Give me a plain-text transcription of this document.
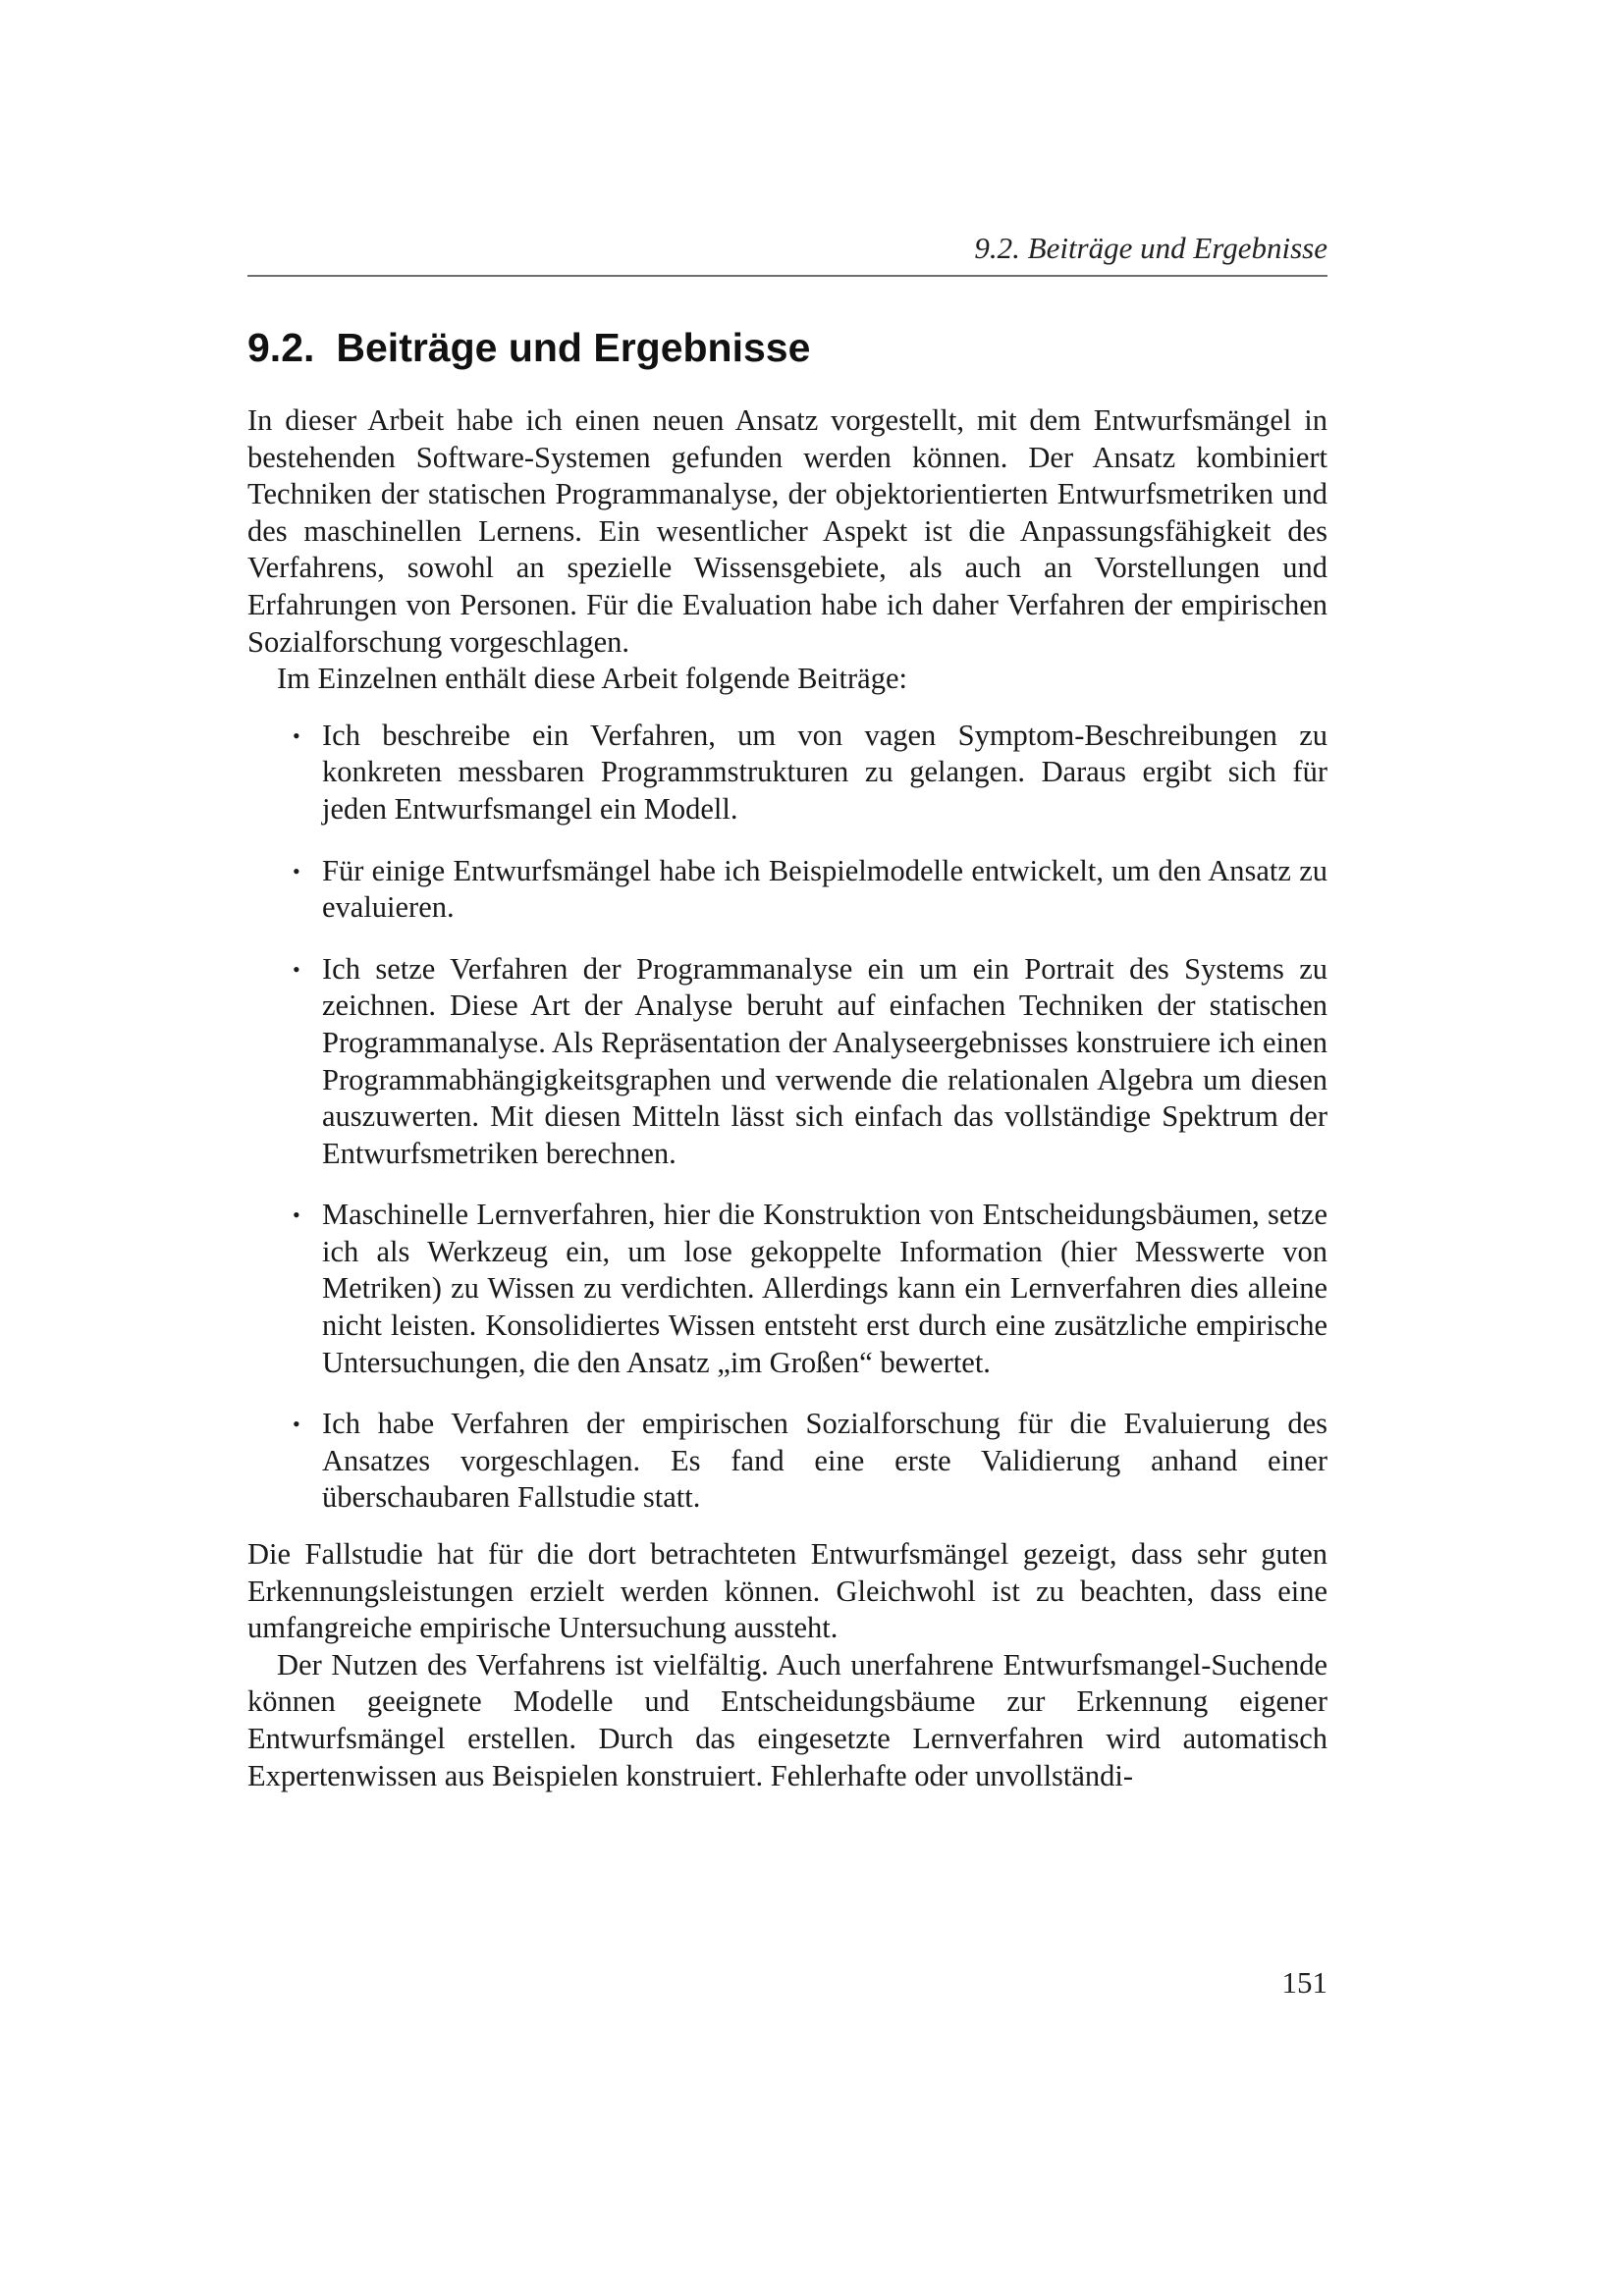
9.2. Beiträge und Ergebnisse
9.2. Beiträge und Ergebnisse

In dieser Arbeit habe ich einen neuen Ansatz vorgestellt, mit dem Entwurfsmängel in bestehenden Software-Systemen gefunden werden können. Der Ansatz kombiniert Techniken der statischen Programmanalyse, der objektorientierten Entwurfsmetriken und des maschinellen Lernens. Ein wesentlicher Aspekt ist die Anpassungsfähigkeit des Verfahrens, sowohl an spezielle Wissensgebiete, als auch an Vorstellungen und Erfahrungen von Personen. Für die Evaluation habe ich daher Verfahren der empirischen Sozialforschung vorgeschlagen.

Im Einzelnen enthält diese Arbeit folgende Beiträge:

• Ich beschreibe ein Verfahren, um von vagen Symptom-Beschreibungen zu konkreten messbaren Programmstrukturen zu gelangen. Daraus ergibt sich für jeden Entwurfsmangel ein Modell.
• Für einige Entwurfsmängel habe ich Beispielmodelle entwickelt, um den Ansatz zu evaluieren.
• Ich setze Verfahren der Programmanalyse ein um ein Portrait des Systems zu zeichnen. Diese Art der Analyse beruht auf einfachen Techniken der statischen Programmanalyse. Als Repräsentation der Analyseergebnisses konstruiere ich einen Programmabhängigkeitsgraphen und verwende die relationalen Algebra um diesen auszuwerten. Mit diesen Mitteln lässt sich einfach das vollständige Spektrum der Entwurfsmetriken berechnen.
• Maschinelle Lernverfahren, hier die Konstruktion von Entscheidungsbäumen, setze ich als Werkzeug ein, um lose gekoppelte Information (hier Messwerte von Metriken) zu Wissen zu verdichten. Allerdings kann ein Lernverfahren dies alleine nicht leisten. Konsolidiertes Wissen entsteht erst durch eine zusätzliche empirische Untersuchungen, die den Ansatz „im Großen“ bewertet.
• Ich habe Verfahren der empirischen Sozialforschung für die Evaluierung des Ansatzes vorgeschlagen. Es fand eine erste Validierung anhand einer überschaubaren Fallstudie statt.

Die Fallstudie hat für die dort betrachteten Entwurfsmängel gezeigt, dass sehr guten Erkennungsleistungen erzielt werden können. Gleichwohl ist zu beachten, dass eine umfangreiche empirische Untersuchung aussteht.

Der Nutzen des Verfahrens ist vielfältig. Auch unerfahrene Entwurfsmangel-Suchende können geeignete Modelle und Entscheidungsbäume zur Erkennung eigener Entwurfsmängel erstellen. Durch das eingesetzte Lernverfahren wird automatisch Expertenwissen aus Beispielen konstruiert. Fehlerhafte oder unvollständi-

151
